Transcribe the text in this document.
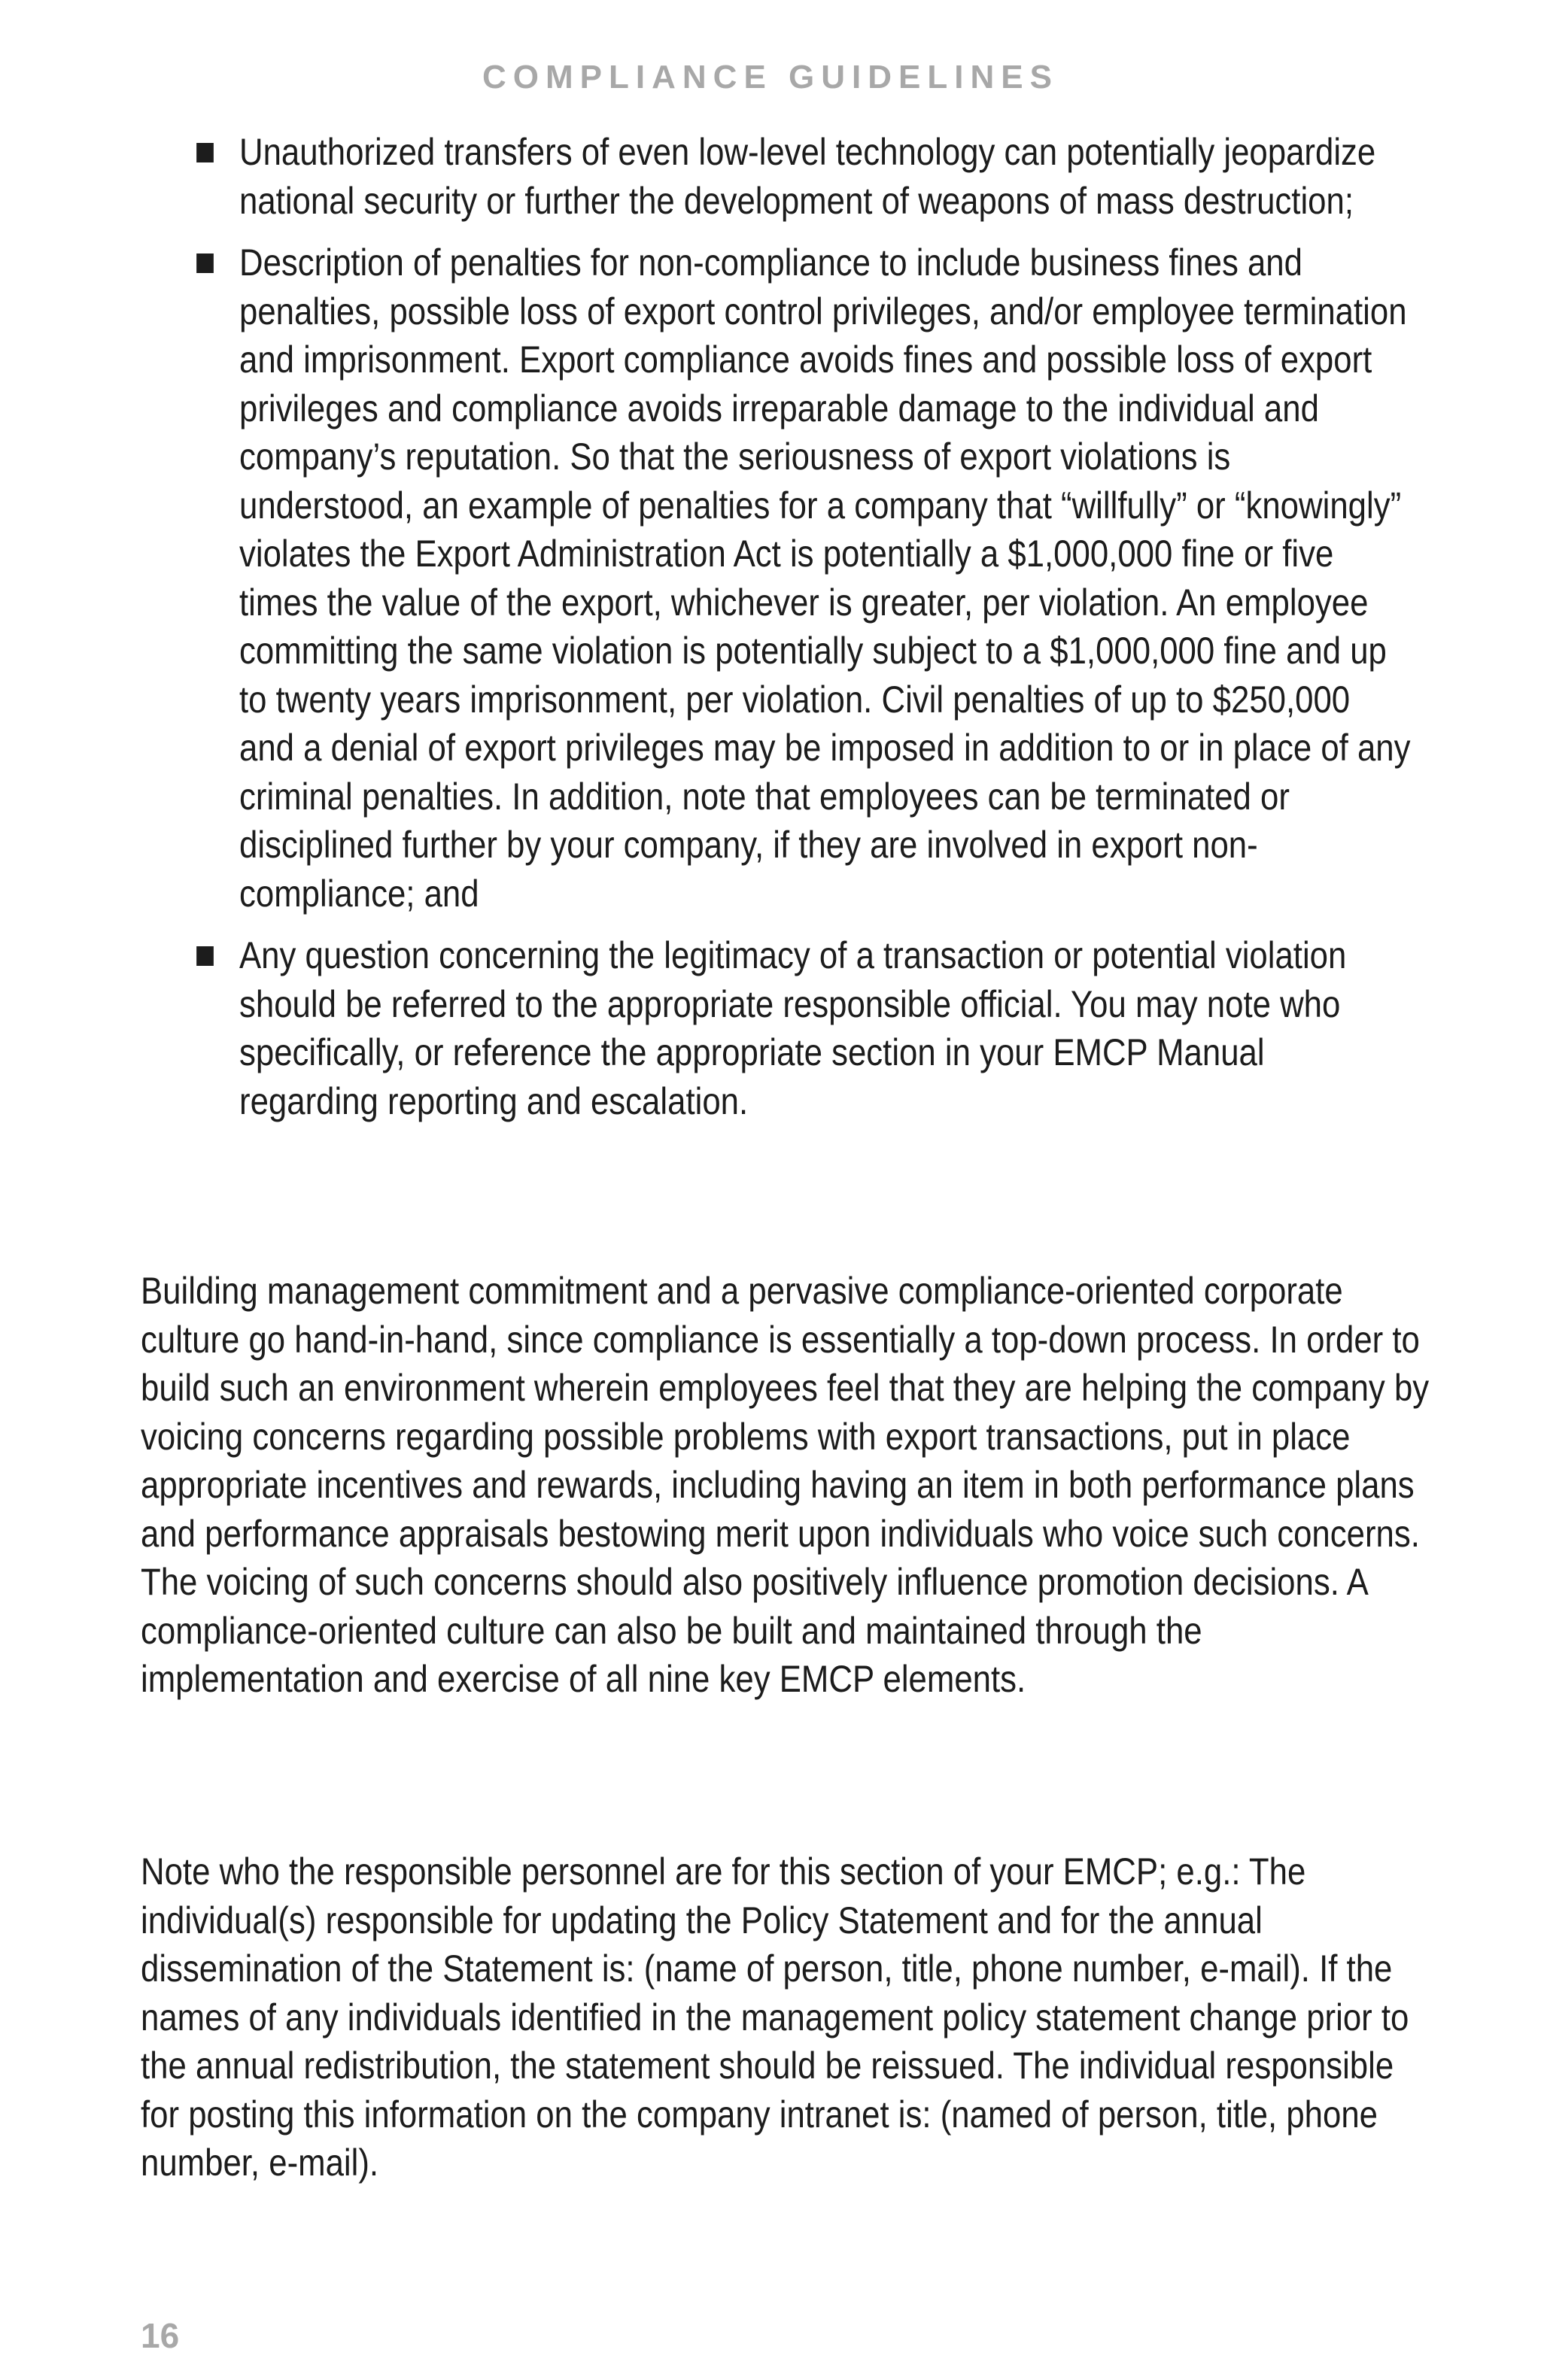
COMPLIANCE GUIDELINES
Unauthorized transfers of even low-level technology can potentially jeopardize national security or further the development of weapons of mass destruction;
Description of penalties for non-compliance to include business fines and penalties, possible loss of export control privileges, and/or employee termination and imprisonment. Export compliance avoids fines and possible loss of export privileges and compliance avoids irreparable damage to the individual and company’s reputation. So that the seriousness of export violations is understood, an example of penalties for a company that “willfully” or “knowingly” violates the Export Administration Act is potentially a $1,000,000 fine or five times the value of the export, whichever is greater, per violation. An employee committing the same violation is potentially subject to a $1,000,000 fine and up to twenty years imprisonment, per violation. Civil penalties of up to $250,000 and a denial of export privileges may be imposed in addition to or in place of any criminal penalties. In addition, note that employees can be terminated or disciplined further by your company, if they are involved in export non-compliance; and
Any question concerning the legitimacy of a transaction or potential violation should be referred to the appropriate responsible official. You may note who specifically, or reference the appropriate section in your EMCP Manual regarding reporting and escalation.

Building management commitment and a pervasive compliance-oriented corporate culture go hand-in-hand, since compliance is essentially a top-down process. In order to build such an environment wherein employees feel that they are helping the company by voicing concerns regarding possible problems with export transactions, put in place appropriate incentives and rewards, including having an item in both performance plans and performance appraisals bestowing merit upon individuals who voice such concerns. The voicing of such concerns should also positively influence promotion decisions. A compliance-oriented culture can also be built and maintained through the implementation and exercise of all nine key EMCP elements.

Note who the responsible personnel are for this section of your EMCP; e.g.: The individual(s) responsible for updating the Policy Statement and for the annual dissemination of the Statement is: (name of person, title, phone number, e-mail). If the names of any individuals identified in the management policy statement change prior to the annual redistribution, the statement should be reissued. The individual responsible for posting this information on the company intranet is: (named of person, title, phone number, e-mail).

16
